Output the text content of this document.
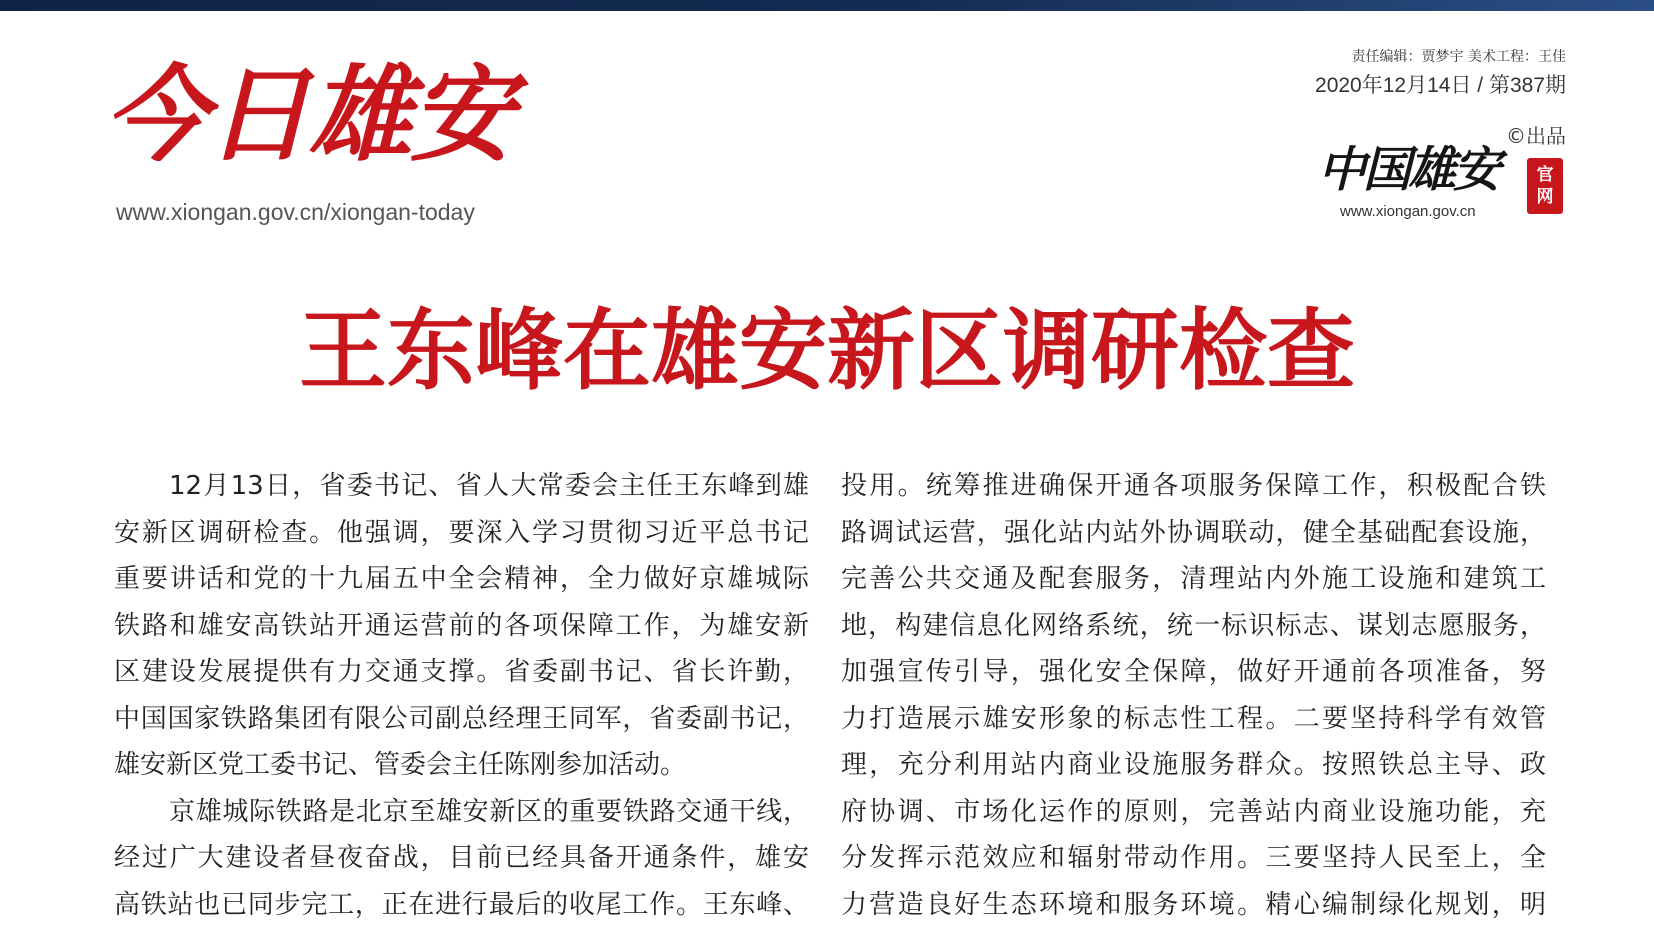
今日雄安
www.xiongan.gov.cn/xiongan-today
责任编辑：贾梦宇 美术工程：王佳
2020年12月14日 / 第387期
©出品
中国雄安 官
网
www.xiongan.gov.cn
王东峰在雄安新区调研检查
12月13日，省委书记、省人大常委会主任王东峰到雄
安新区调研检查。他强调，要深入学习贯彻习近平总书记
重要讲话和党的十九届五中全会精神，全力做好京雄城际
铁路和雄安高铁站开通运营前的各项保障工作，为雄安新
区建设发展提供有力交通支撑。省委副书记、省长许勤，
中国国家铁路集团有限公司副总经理王同军，省委副书记，
雄安新区党工委书记、管委会主任陈刚参加活动。
京雄城际铁路是北京至雄安新区的重要铁路交通干线，
经过广大建设者昼夜奋战，目前已经具备开通条件，雄安
高铁站也已同步完工，正在进行最后的收尾工作。王东峰、
投用。统筹推进确保开通各项服务保障工作，积极配合铁
路调试运营，强化站内站外协调联动，健全基础配套设施，
完善公共交通及配套服务，清理站内外施工设施和建筑工
地，构建信息化网络系统，统一标识标志、谋划志愿服务，
加强宣传引导，强化安全保障，做好开通前各项准备，努
力打造展示雄安形象的标志性工程。二要坚持科学有效管
理，充分利用站内商业设施服务群众。按照铁总主导、政
府协调、市场化运作的原则，完善站内商业设施功能，充
分发挥示范效应和辐射带动作用。三要坚持人民至上，全
力营造良好生态环境和服务环境。精心编制绿化规划，明
